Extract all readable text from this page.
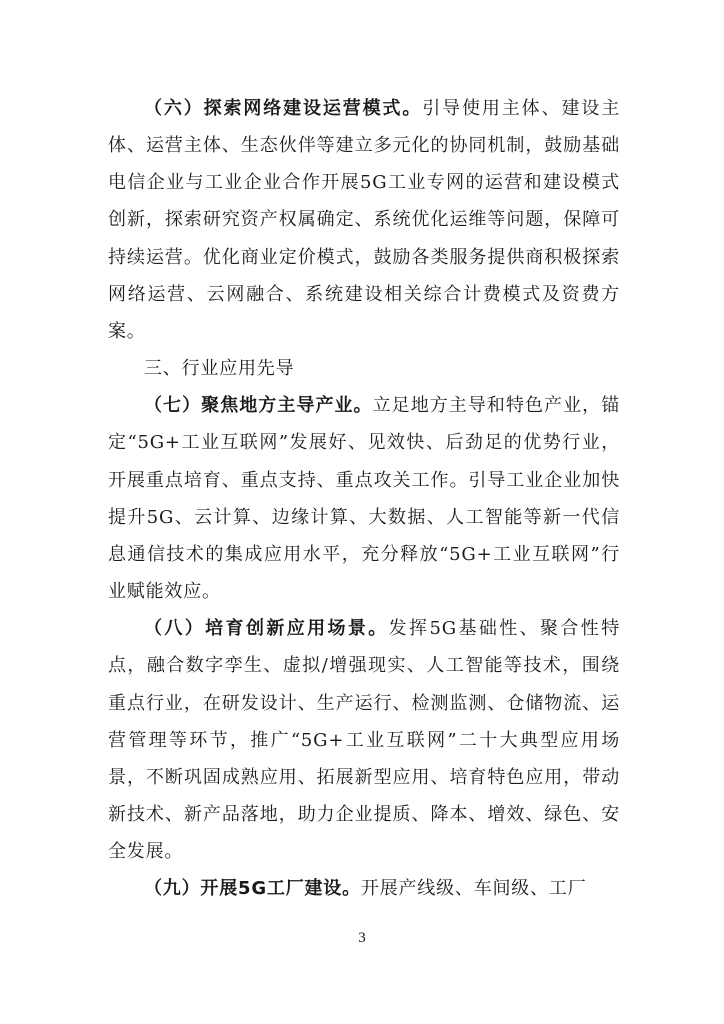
（六）探索网络建设运营模式。引导使用主体、建设主体、运营主体、生态伙伴等建立多元化的协同机制，鼓励基础电信企业与工业企业合作开展5G工业专网的运营和建设模式创新，探索研究资产权属确定、系统优化运维等问题，保障可持续运营。优化商业定价模式，鼓励各类服务提供商积极探索网络运营、云网融合、系统建设相关综合计费模式及资费方案。

三、行业应用先导

（七）聚焦地方主导产业。立足地方主导和特色产业，锚定“5G+工业互联网”发展好、见效快、后劲足的优势行业，开展重点培育、重点支持、重点攻关工作。引导工业企业加快提升5G、云计算、边缘计算、大数据、人工智能等新一代信息通信技术的集成应用水平，充分释放“5G+工业互联网”行业赋能效应。

（八）培育创新应用场景。发挥5G基础性、聚合性特点，融合数字孪生、虚拟/增强现实、人工智能等技术，围绕重点行业，在研发设计、生产运行、检测监测、仓储物流、运营管理等环节，推广“5G+工业互联网”二十大典型应用场景，不断巩固成熟应用、拓展新型应用、培育特色应用，带动新技术、新产品落地，助力企业提质、降本、增效、绿色、安全发展。

（九）开展5G工厂建设。开展产线级、车间级、工厂

3
